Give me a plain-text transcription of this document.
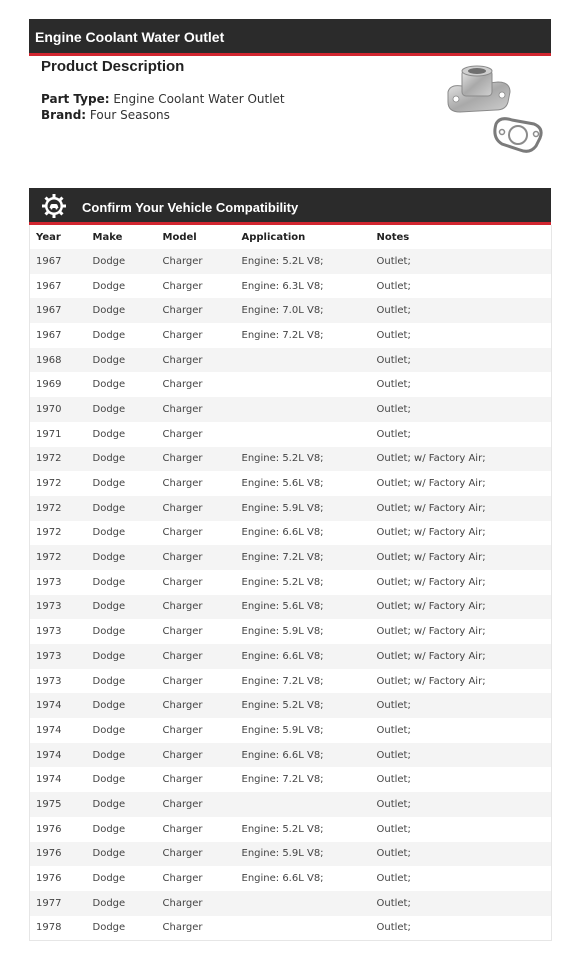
Engine Coolant Water Outlet
Product Description
Part Type: Engine Coolant Water Outlet
Brand: Four Seasons
Confirm Your Vehicle Compatibility
Year	Make	Model	Application	Notes
1967	Dodge	Charger	Engine: 5.2L V8;	Outlet;
1967	Dodge	Charger	Engine: 6.3L V8;	Outlet;
1967	Dodge	Charger	Engine: 7.0L V8;	Outlet;
1967	Dodge	Charger	Engine: 7.2L V8;	Outlet;
1968	Dodge	Charger		Outlet;
1969	Dodge	Charger		Outlet;
1970	Dodge	Charger		Outlet;
1971	Dodge	Charger		Outlet;
1972	Dodge	Charger	Engine: 5.2L V8;	Outlet; w/ Factory Air;
1972	Dodge	Charger	Engine: 5.6L V8;	Outlet; w/ Factory Air;
1972	Dodge	Charger	Engine: 5.9L V8;	Outlet; w/ Factory Air;
1972	Dodge	Charger	Engine: 6.6L V8;	Outlet; w/ Factory Air;
1972	Dodge	Charger	Engine: 7.2L V8;	Outlet; w/ Factory Air;
1973	Dodge	Charger	Engine: 5.2L V8;	Outlet; w/ Factory Air;
1973	Dodge	Charger	Engine: 5.6L V8;	Outlet; w/ Factory Air;
1973	Dodge	Charger	Engine: 5.9L V8;	Outlet; w/ Factory Air;
1973	Dodge	Charger	Engine: 6.6L V8;	Outlet; w/ Factory Air;
1973	Dodge	Charger	Engine: 7.2L V8;	Outlet; w/ Factory Air;
1974	Dodge	Charger	Engine: 5.2L V8;	Outlet;
1974	Dodge	Charger	Engine: 5.9L V8;	Outlet;
1974	Dodge	Charger	Engine: 6.6L V8;	Outlet;
1974	Dodge	Charger	Engine: 7.2L V8;	Outlet;
1975	Dodge	Charger		Outlet;
1976	Dodge	Charger	Engine: 5.2L V8;	Outlet;
1976	Dodge	Charger	Engine: 5.9L V8;	Outlet;
1976	Dodge	Charger	Engine: 6.6L V8;	Outlet;
1977	Dodge	Charger		Outlet;
1978	Dodge	Charger		Outlet;
